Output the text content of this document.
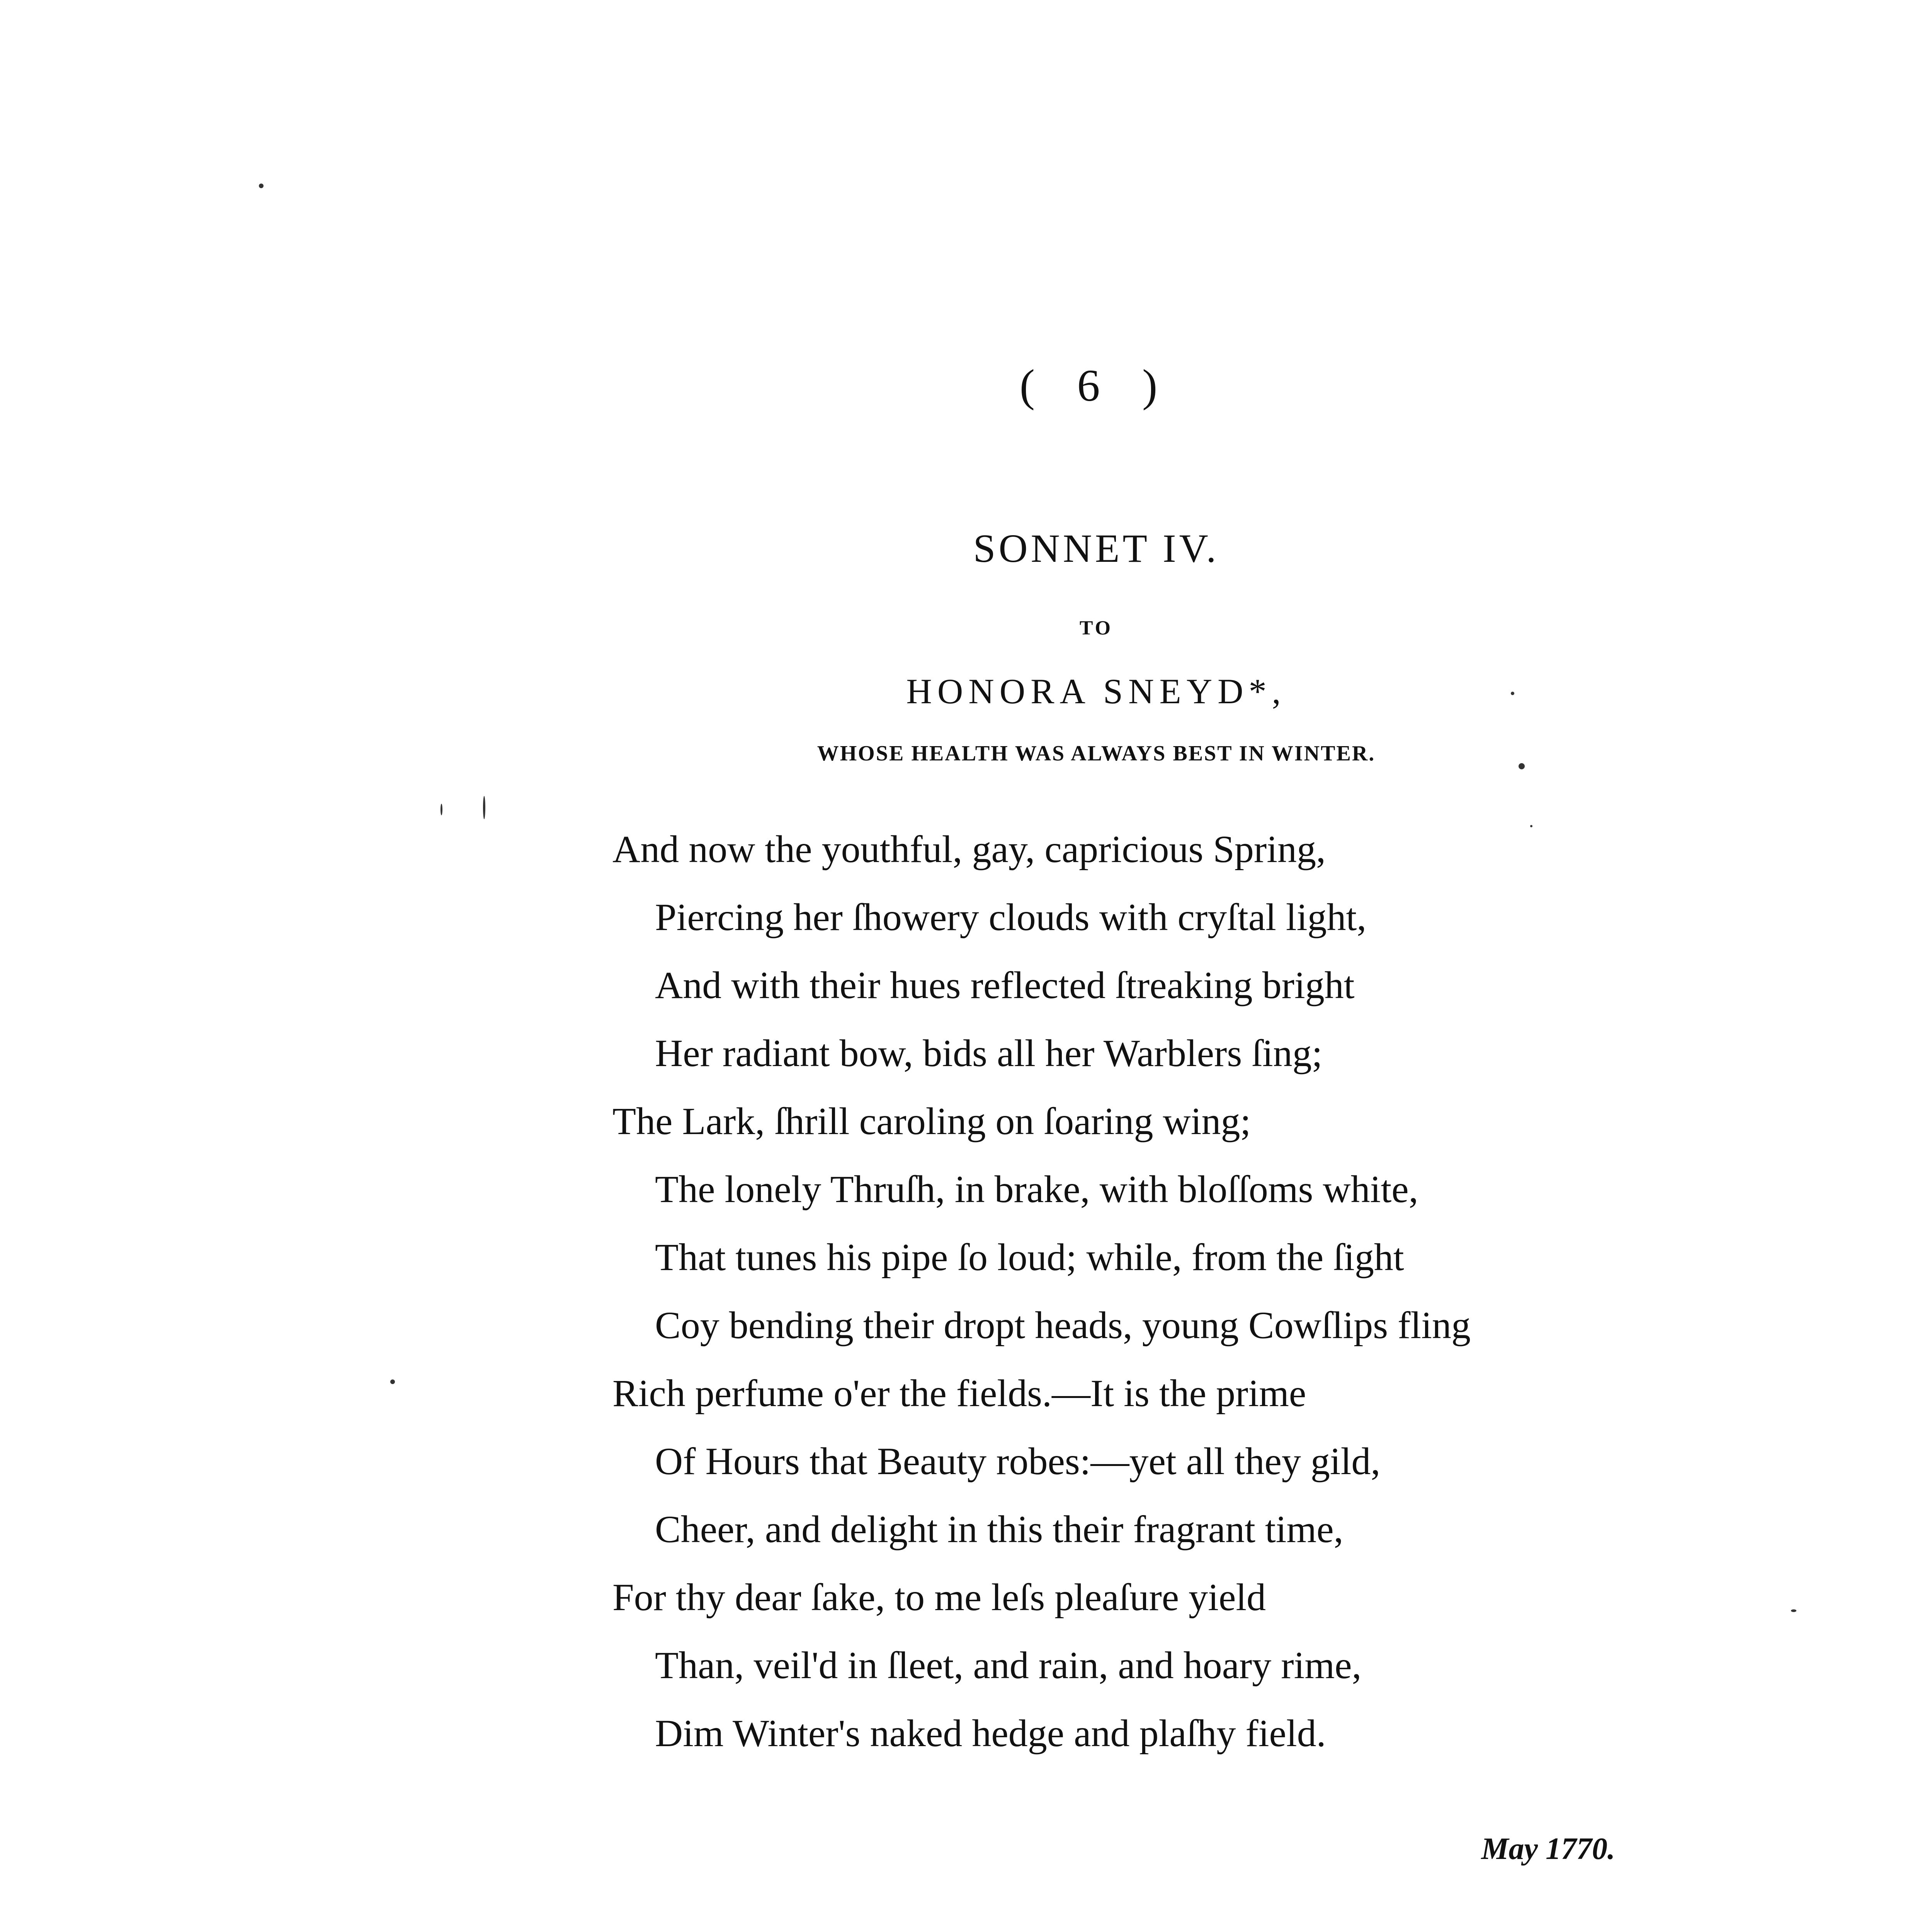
( 6 )
SONNET IV.
TO
HONORA SNEYD*,
WHOSE HEALTH WAS ALWAYS BEST IN WINTER.
And now the youthful, gay, capricious Spring,
Piercing her ſhowery clouds with cryſtal light,
And with their hues reflected ſtreaking bright
Her radiant bow, bids all her Warblers ſing;
The Lark, ſhrill caroling on ſoaring wing;
The lonely Thruſh, in brake, with bloſſoms white,
That tunes his pipe ſo loud; while, from the ſight
Coy bending their dropt heads, young Cowſlips fling
Rich perfume o'er the fields.—It is the prime
Of Hours that Beauty robes:—yet all they gild,
Cheer, and delight in this their fragrant time,
For thy dear ſake, to me leſs pleaſure yield
Than, veil'd in ſleet, and rain, and hoary rime,
Dim Winter's naked hedge and plaſhy field.
May 1770.
